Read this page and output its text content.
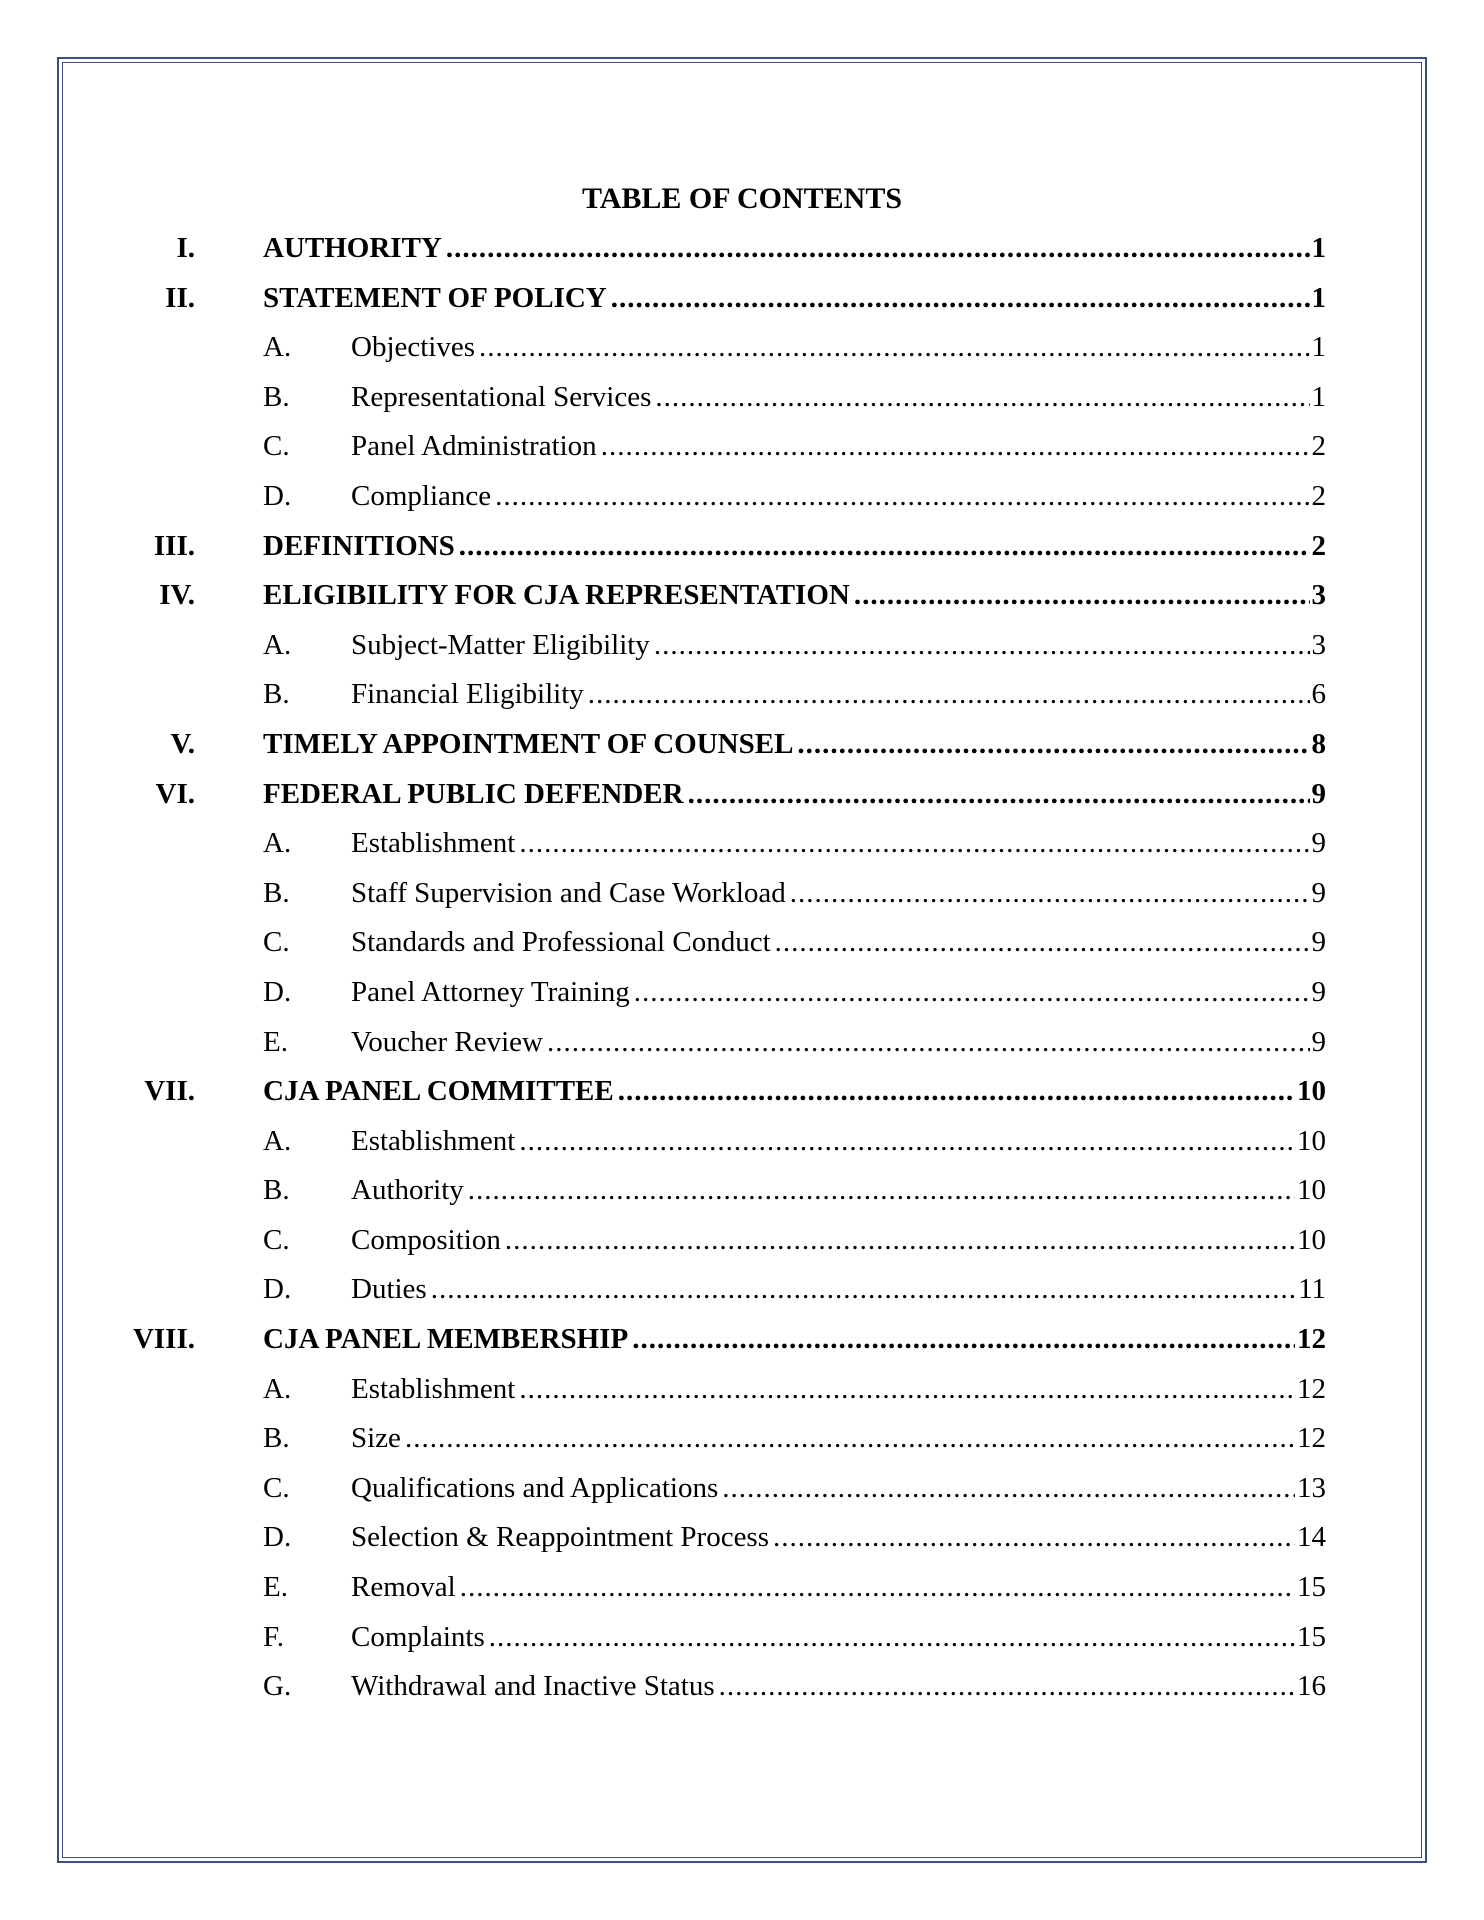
TABLE OF CONTENTS
I. AUTHORITY .....	1
II. STATEMENT OF POLICY .....	1
A.	Objectives .....	1
B.	Representational Services .....	1
C.	Panel Administration .....	2
D.	Compliance .....	2
III. DEFINITIONS .....	2
IV. ELIGIBILITY FOR CJA REPRESENTATION .....	3
A.	Subject-Matter Eligibility .....	3
B.	Financial Eligibility .....	6
V. TIMELY APPOINTMENT OF COUNSEL .....	8
VI. FEDERAL PUBLIC DEFENDER .....	9
A.	Establishment .....	9
B.	Staff Supervision and Case Workload .....	9
C.	Standards and Professional Conduct .....	9
D.	Panel Attorney Training .....	9
E.	Voucher Review .....	9
VII. CJA PANEL COMMITTEE .....	10
A.	Establishment .....	10
B.	Authority .....	10
C.	Composition .....	10
D.	Duties .....	11
VIII. CJA PANEL MEMBERSHIP .....	12
A.	Establishment .....	12
B.	Size .....	12
C.	Qualifications and Applications .....	13
D.	Selection & Reappointment Process .....	14
E.	Removal .....	15
F.	Complaints .....	15
G.	Withdrawal and Inactive Status .....	16
